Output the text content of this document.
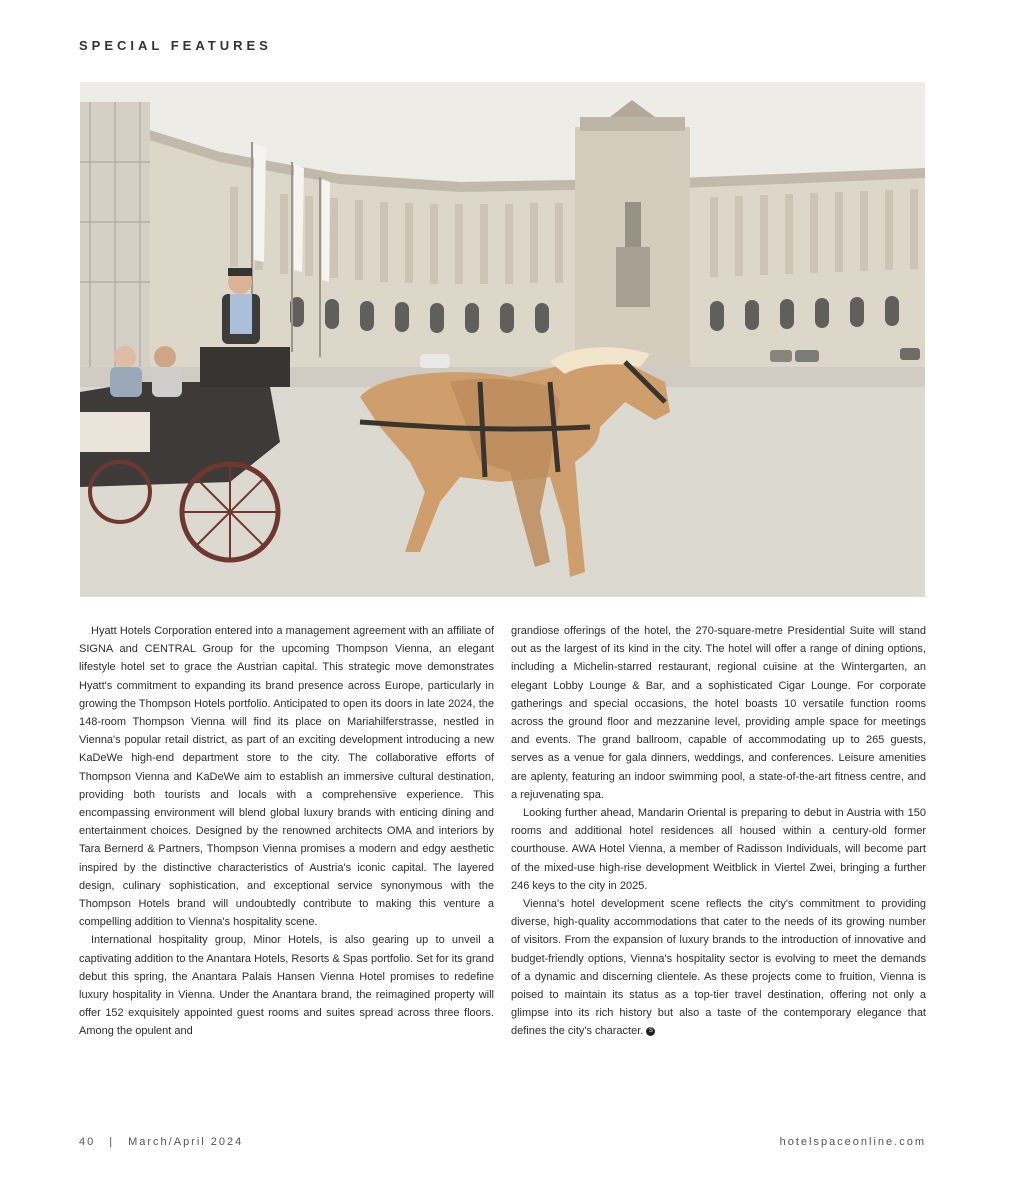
SPECIAL FEATURES

Hyatt Hotels Corporation entered into a management agreement with an affiliate of SIGNA and CENTRAL Group for the upcoming Thompson Vienna, an elegant lifestyle hotel set to grace the Austrian capital. This strategic move demonstrates Hyatt's commitment to expanding its brand presence across Europe, particularly in growing the Thompson Hotels portfolio. Anticipated to open its doors in late 2024, the 148-room Thompson Vienna will find its place on Mariahilferstrasse, nestled in Vienna's popular retail district, as part of an exciting development introducing a new KaDeWe high-end department store to the city. The collaborative efforts of Thompson Vienna and KaDeWe aim to establish an immersive cultural destination, providing both tourists and locals with a comprehensive experience. This encompassing environment will blend global luxury brands with enticing dining and entertainment choices. Designed by the renowned architects OMA and interiors by Tara Bernerd & Partners, Thompson Vienna promises a modern and edgy aesthetic inspired by the distinctive characteristics of Austria's iconic capital. The layered design, culinary sophistication, and exceptional service synonymous with the Thompson Hotels brand will undoubtedly contribute to making this venture a compelling addition to Vienna's hospitality scene.

International hospitality group, Minor Hotels, is also gearing up to unveil a captivating addition to the Anantara Hotels, Resorts & Spas portfolio. Set for its grand debut this spring, the Anantara Palais Hansen Vienna Hotel promises to redefine luxury hospitality in Vienna. Under the Anantara brand, the reimagined property will offer 152 exquisitely appointed guest rooms and suites spread across three floors. Among the opulent and

grandiose offerings of the hotel, the 270-square-metre Presidential Suite will stand out as the largest of its kind in the city. The hotel will offer a range of dining options, including a Michelin-starred restaurant, regional cuisine at the Wintergarten, an elegant Lobby Lounge & Bar, and a sophisticated Cigar Lounge. For corporate gatherings and special occasions, the hotel boasts 10 versatile function rooms across the ground floor and mezzanine level, providing ample space for meetings and events. The grand ballroom, capable of accommodating up to 265 guests, serves as a venue for gala dinners, weddings, and conferences. Leisure amenities are aplenty, featuring an indoor swimming pool, a state-of-the-art fitness centre, and a rejuvenating spa.

Looking further ahead, Mandarin Oriental is preparing to debut in Austria with 150 rooms and additional hotel residences all housed within a century-old former courthouse. AWA Hotel Vienna, a member of Radisson Individuals, will become part of the mixed-use high-rise development Weitblick in Viertel Zwei, bringing a further 246 keys to the city in 2025.

Vienna's hotel development scene reflects the city's commitment to providing diverse, high-quality accommodations that cater to the needs of its growing number of visitors. From the expansion of luxury brands to the introduction of innovative and budget-friendly options, Vienna's hospitality sector is evolving to meet the demands of a dynamic and discerning clientele. As these projects come to fruition, Vienna is poised to maintain its status as a top-tier travel destination, offering not only a glimpse into its rich history but also a taste of the contemporary elegance that defines the city's character. S

40 | March/April 2024	hotelspaceonline.com
